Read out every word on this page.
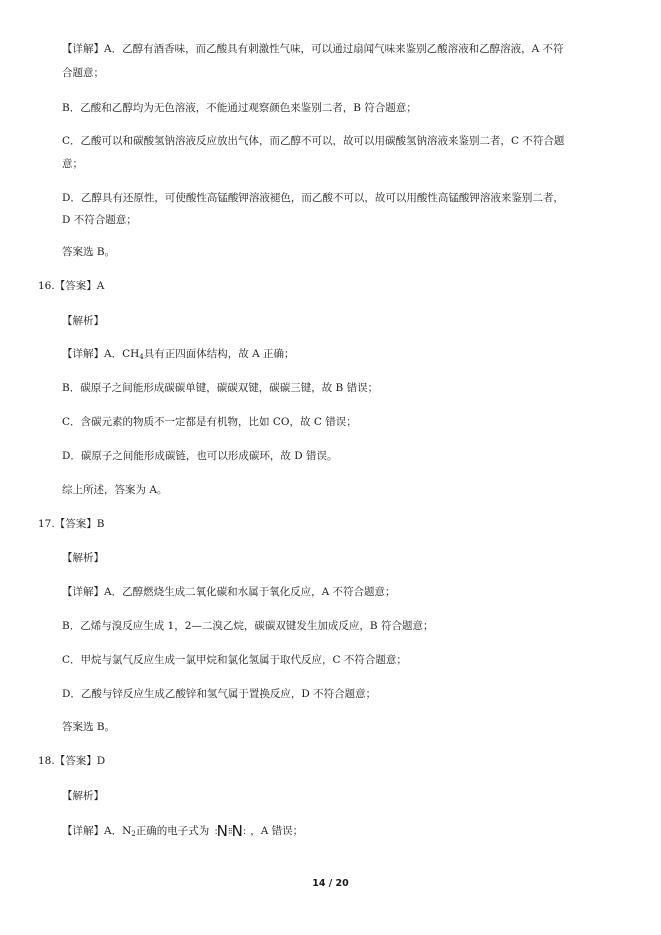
【详解】A．乙醇有酒香味，而乙酸具有刺激性气味，可以通过扇闻气味来鉴别乙酸溶液和乙醇溶液，A 不符
合题意；
B．乙酸和乙醇均为无色溶液，不能通过观察颜色来鉴别二者，B 符合题意；
C．乙酸可以和碳酸氢钠溶液反应放出气体，而乙醇不可以，故可以用碳酸氢钠溶液来鉴别二者，C 不符合题
意；
D．乙醇具有还原性，可使酸性高锰酸钾溶液褪色，而乙酸不可以，故可以用酸性高锰酸钾溶液来鉴别二者，
D 不符合题意；
答案选 B。
16.【答案】A
【解析】
【详解】A．$CH_4$具有正四面体结构，故 A 正确；
B．碳原子之间能形成碳碳单键，碳碳双键，碳碳三键，故 B 错误；
C．含碳元素的物质不一定都是有机物，比如 CO，故 C 错误；
D．碳原子之间能形成碳链，也可以形成碳环，故 D 错误。
综上所述，答案为 A。
17.【答案】B
【解析】
【详解】A．乙醇燃烧生成二氧化碳和水属于氧化反应，A 不符合题意；
B．乙烯与溴反应生成 1，2—二溴乙烷，碳碳双键发生加成反应，B 符合题意；
C．甲烷与氯气反应生成一氯甲烷和氯化氢属于取代反应，C 不符合题意；
D．乙酸与锌反应生成乙酸锌和氢气属于置换反应，D 不符合题意；
答案选 B。
18.【答案】D
【解析】
【详解】A．$N_2$正确的电子式为 :N⁝⁝N: ，A 错误；
14 / 20
